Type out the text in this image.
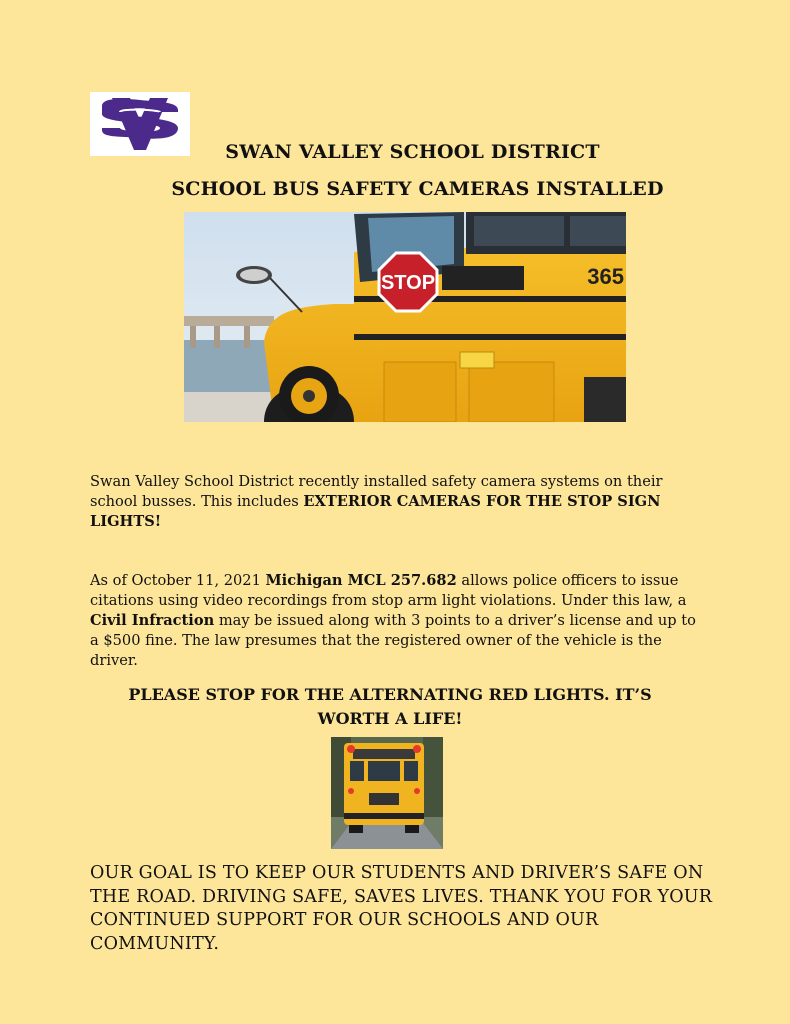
SWAN VALLEY SCHOOL DISTRICT
SCHOOL BUS SAFETY CAMERAS INSTALLED
STOP	365
Swan Valley School District recently installed safety camera systems on their school busses. This includes EXTERIOR CAMERAS FOR THE STOP SIGN LIGHTS!
As of October 11, 2021 Michigan MCL 257.682 allows police officers to issue citations using video recordings from stop arm light violations. Under this law, a Civil Infraction may be issued along with 3 points to a driver’s license and up to a $500 fine. The law presumes that the registered owner of the vehicle is the driver.
PLEASE STOP FOR THE ALTERNATING RED LIGHTS. IT’S
WORTH A LIFE!
OUR GOAL IS TO KEEP OUR STUDENTS AND DRIVER’S SAFE ON THE ROAD. DRIVING SAFE, SAVES LIVES. THANK YOU FOR YOUR CONTINUED SUPPORT FOR OUR SCHOOLS AND OUR COMMUNITY.
